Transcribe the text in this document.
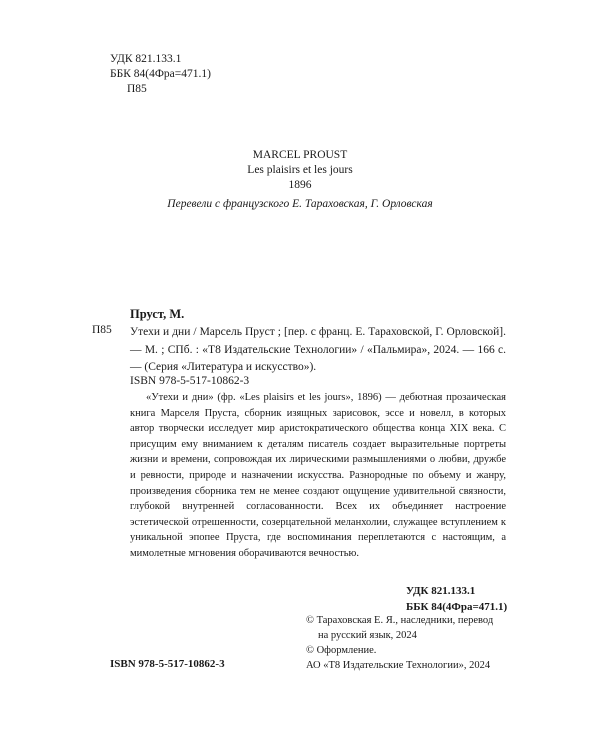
УДК 821.133.1
ББК 84(4Фра=471.1)
П85
MARCEL PROUST
Les plaisirs et les jours
1896
Перевели с французского Е. Тараховская, Г. Орловская
Пруст, М.
П85 Утехи и дни / Марсель Пруст ; [пер. с франц. Е. Тараховской, Г. Орловской]. — М. ; СПб. : «Т8 Издательские Технологии» / «Пальмира», 2024. — 166 с. — (Серия «Литература и искусство»).
ISBN 978-5-517-10862-3

«Утехи и дни» (фр. «Les plaisirs et les jours», 1896) — дебютная прозаическая книга Марселя Пруста, сборник изящных зарисовок, эссе и новелл, в которых автор творчески исследует мир аристократического общества конца XIX века. С присущим ему вниманием к деталям писатель создает выразительные портреты жизни и времени, сопровождая их лирическими размышлениями о любви, дружбе и ревности, природе и назначении искусства. Разнородные по объему и жанру, произведения сборника тем не менее создают ощущение удивительной связности, глубокой внутренней согласованности. Всех их объединяет настроение эстетической отрешенности, созерцательной меланхолии, служащее вступлением к уникальной эпопее Пруста, где воспоминания переплетаются с настоящим, а мимолетные мгновения оборачиваются вечностью.

УДК 821.133.1
ББК 84(4Фра=471.1)
© Тараховская Е. Я., наследники, перевод
на русский язык, 2024
© Оформление.
АО «Т8 Издательские Технологии», 2024
ISBN 978-5-517-10862-3
